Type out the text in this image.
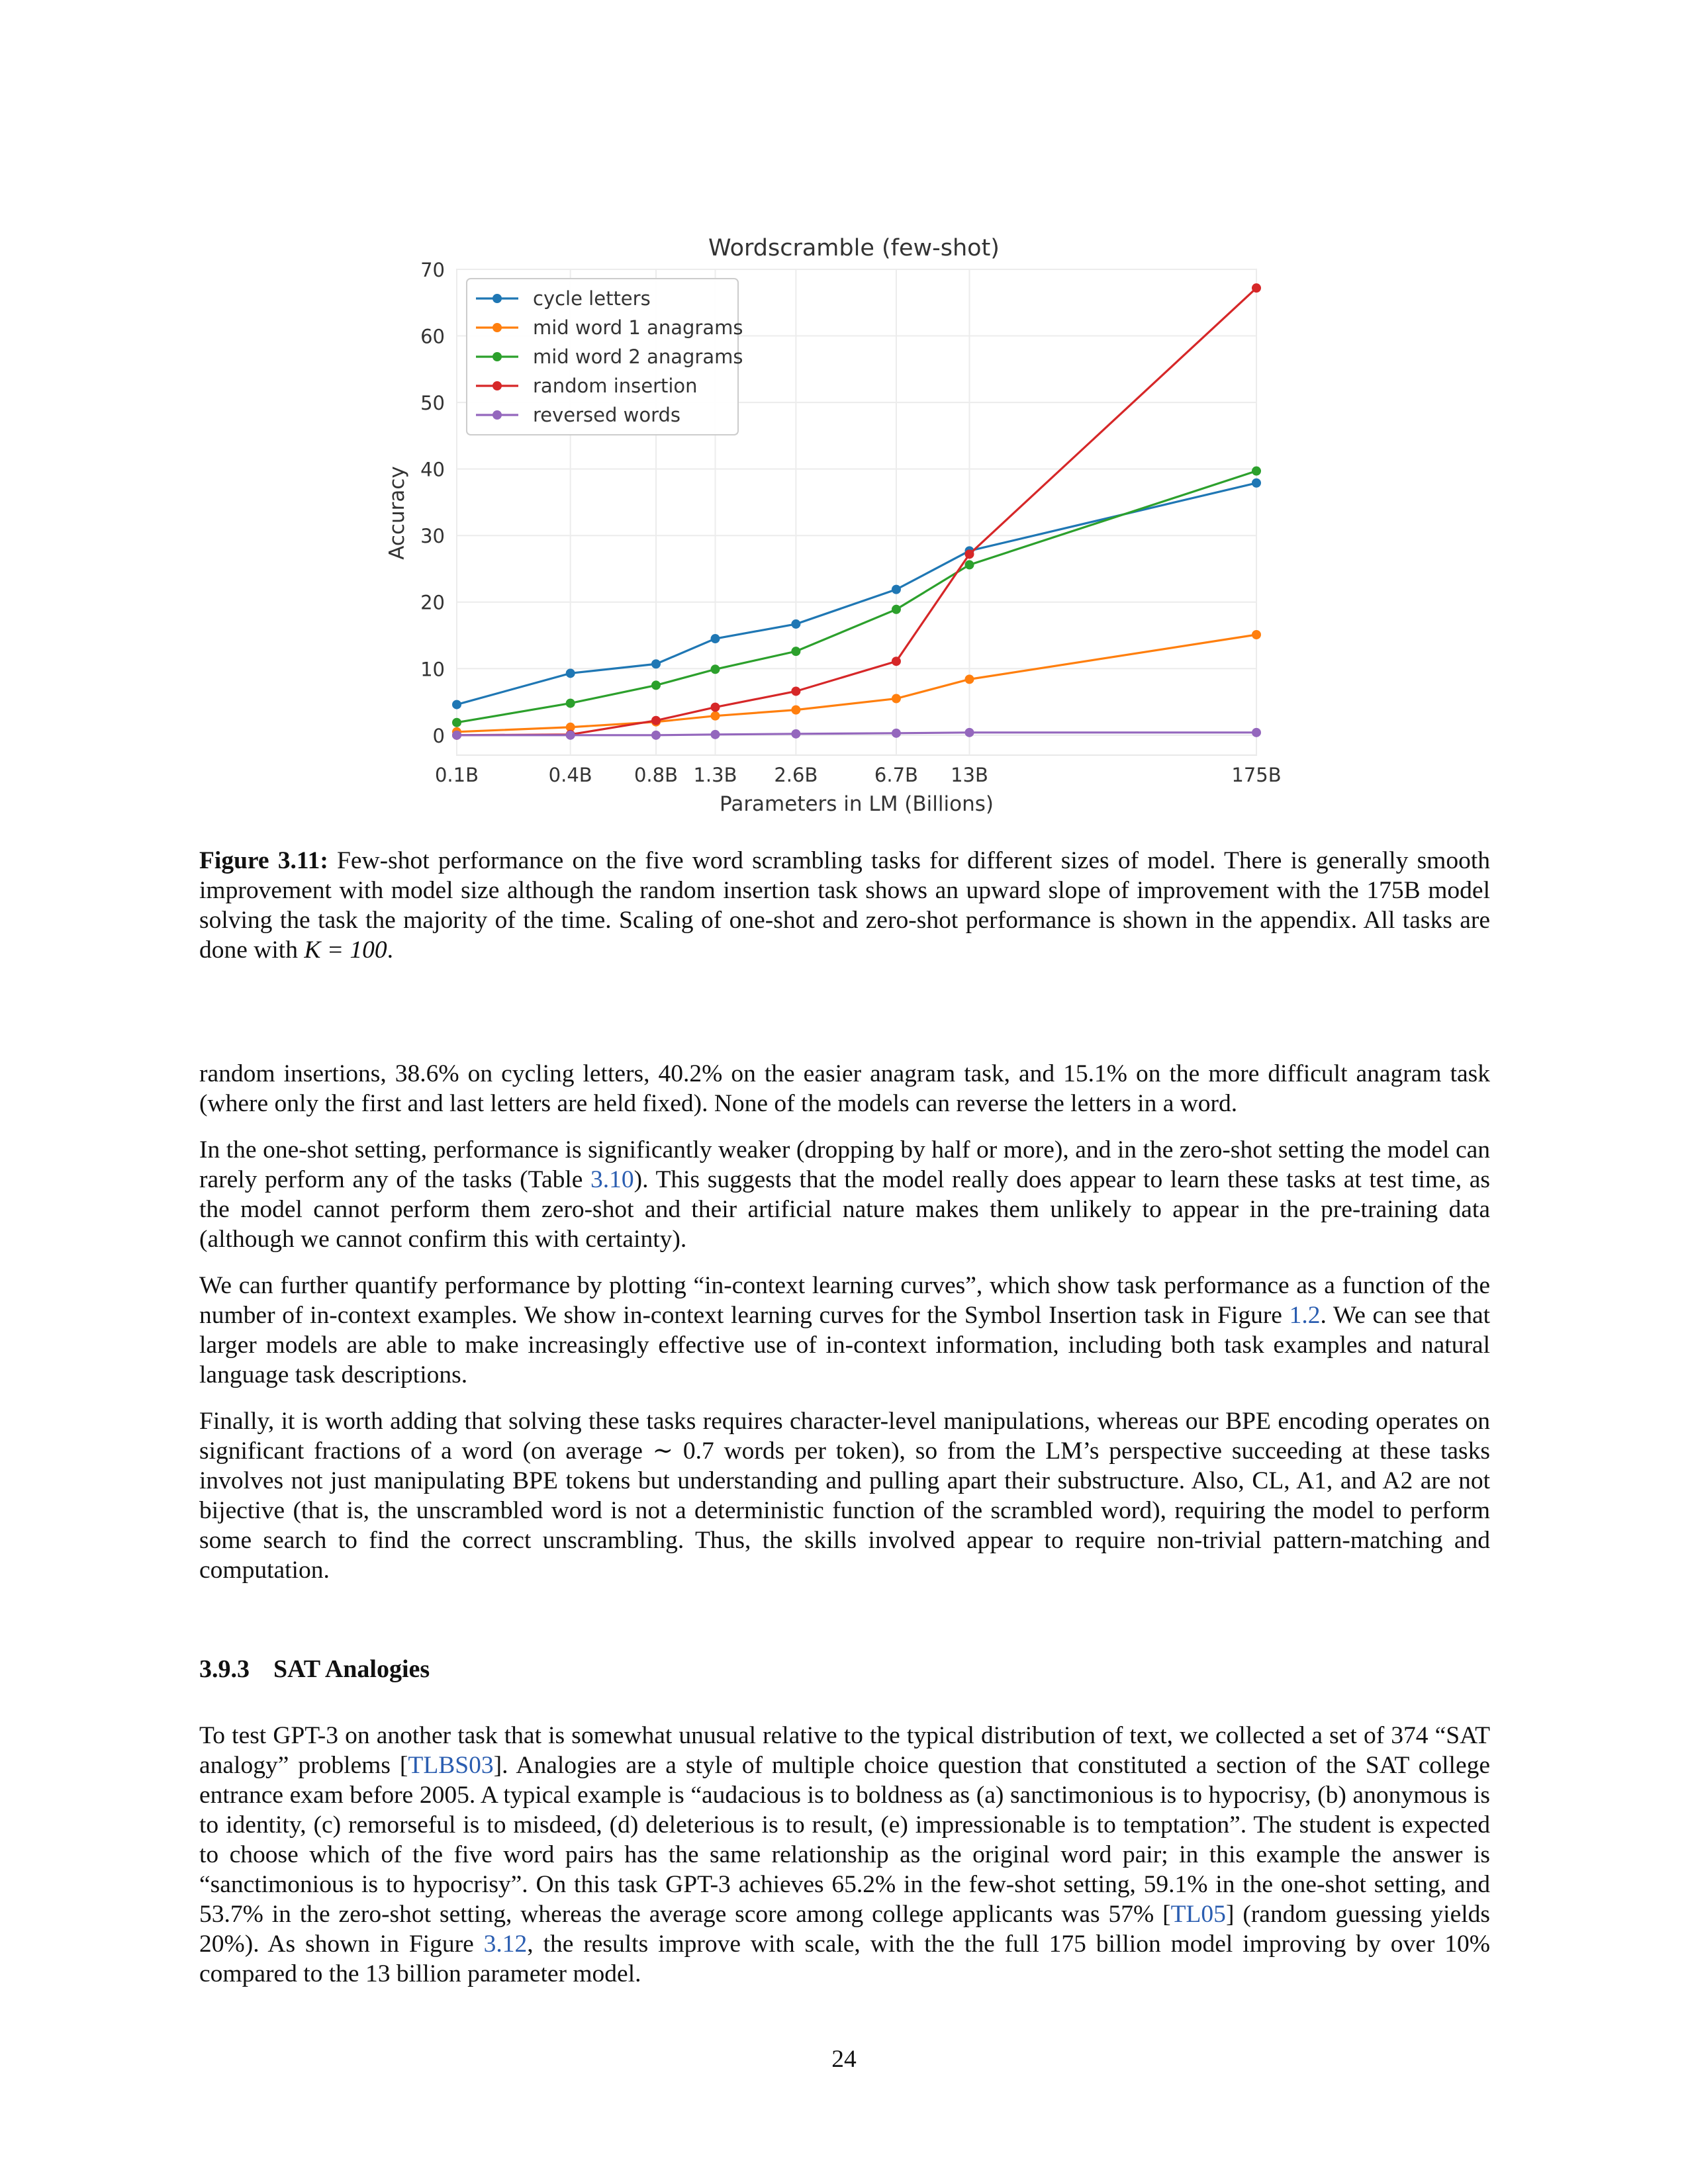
Wordscramble (few-shot)
0
10
20
30
40
50
60
70
0.1B	0.4B 0.8B 1.3B 2.6B	6.7B 13B	175B
Parameters in LM (Billions)
Accuracy
cycle letters
mid word 1 anagrams
mid word 2 anagrams
random insertion
reversed words
Figure 3.11: Few-shot performance on the five word scrambling tasks for different sizes of model. There is generally smooth improvement with model size although the random insertion task shows an upward slope of improvement with the 175B model solving the task the majority of the time. Scaling of one-shot and zero-shot performance is shown in the appendix. All tasks are done with K = 100.

random insertions, 38.6% on cycling letters, 40.2% on the easier anagram task, and 15.1% on the more difficult anagram task (where only the first and last letters are held fixed). None of the models can reverse the letters in a word.

In the one-shot setting, performance is significantly weaker (dropping by half or more), and in the zero-shot setting the model can rarely perform any of the tasks (Table 3.10). This suggests that the model really does appear to learn these tasks at test time, as the model cannot perform them zero-shot and their artificial nature makes them unlikely to appear in the pre-training data (although we cannot confirm this with certainty).

We can further quantify performance by plotting “in-context learning curves”, which show task performance as a function of the number of in-context examples. We show in-context learning curves for the Symbol Insertion task in Figure 1.2. We can see that larger models are able to make increasingly effective use of in-context information, including both task examples and natural language task descriptions.

Finally, it is worth adding that solving these tasks requires character-level manipulations, whereas our BPE encoding operates on significant fractions of a word (on average ∼ 0.7 words per token), so from the LM’s perspective succeeding at these tasks involves not just manipulating BPE tokens but understanding and pulling apart their substructure. Also, CL, A1, and A2 are not bijective (that is, the unscrambled word is not a deterministic function of the scrambled word), requiring the model to perform some search to find the correct unscrambling. Thus, the skills involved appear to require non-trivial pattern-matching and computation.

3.9.3 SAT Analogies

To test GPT-3 on another task that is somewhat unusual relative to the typical distribution of text, we collected a set of 374 “SAT analogy” problems [TLBS03]. Analogies are a style of multiple choice question that constituted a section of the SAT college entrance exam before 2005. A typical example is “audacious is to boldness as (a) sanctimonious is to hypocrisy, (b) anonymous is to identity, (c) remorseful is to misdeed, (d) deleterious is to result, (e) impressionable is to temptation”. The student is expected to choose which of the five word pairs has the same relationship as the original word pair; in this example the answer is “sanctimonious is to hypocrisy”. On this task GPT-3 achieves 65.2% in the few-shot setting, 59.1% in the one-shot setting, and 53.7% in the zero-shot setting, whereas the average score among college applicants was 57% [TL05] (random guessing yields 20%). As shown in Figure 3.12, the results improve with scale, with the the full 175 billion model improving by over 10% compared to the 13 billion parameter model.

24
